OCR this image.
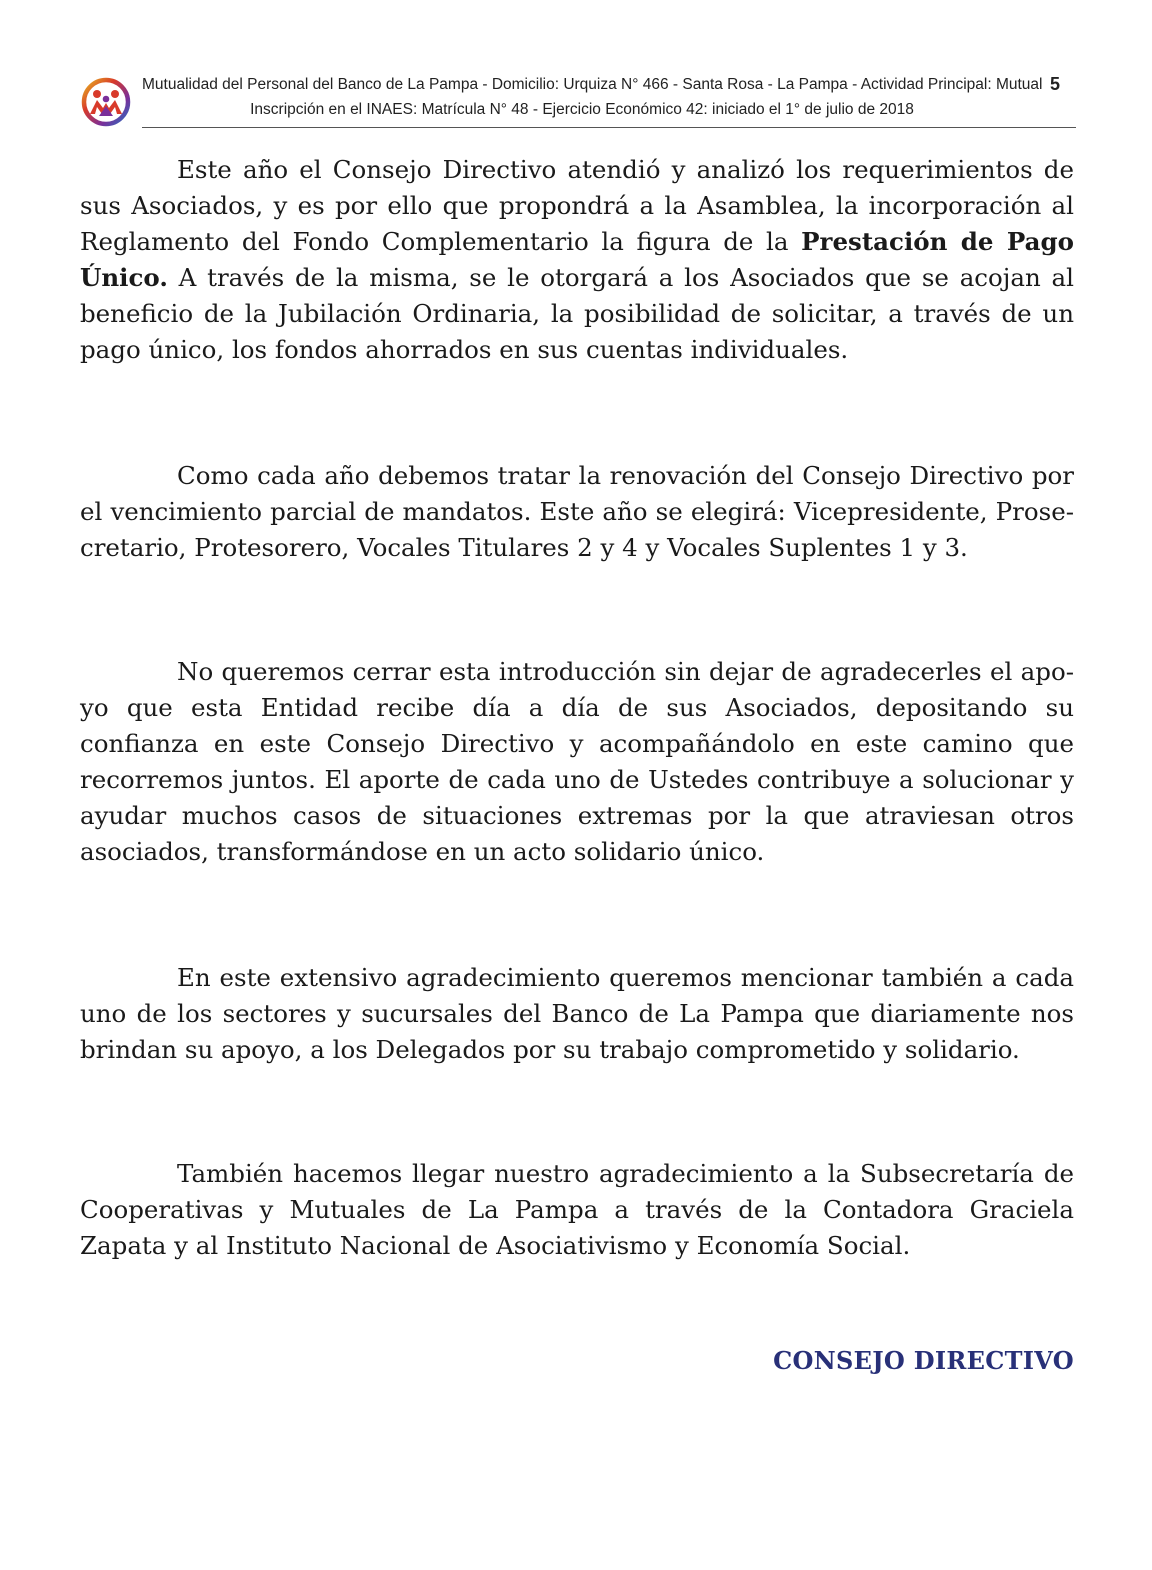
Mutualidad del Personal del Banco de La Pampa - Domicilio: Urquiza N° 466 - Santa Rosa - La Pampa - Actividad Principal: Mutual
Inscripción en el INAES: Matrícula N° 48 - Ejercicio Económico 42: iniciado el 1° de julio de 2018
5

Este año el Consejo Directivo atendió y analizó los requerimientos de sus Asociados, y es por ello que propondrá a la Asamblea, la incorporación al Reglamento del Fondo Complementario la figura de la Prestación de Pago Único. A través de la misma, se le otorgará a los Asociados que se acojan al beneficio de la Jubilación Ordinaria, la posibilidad de solicitar, a través de un pago único, los fondos ahorrados en sus cuentas individuales.

Como cada año debemos tratar la renovación del Consejo Directivo por el vencimiento parcial de mandatos. Este año se elegirá: Vicepresidente, Prosecretario, Protesorero, Vocales Titulares 2 y 4 y Vocales Suplentes 1 y 3.

No queremos cerrar esta introducción sin dejar de agradecerles el apoyo que esta Entidad recibe día a día de sus Asociados, depositando su confianza en este Consejo Directivo y acompañándolo en este camino que recorremos juntos. El aporte de cada uno de Ustedes contribuye a solucionar y ayudar muchos casos de situaciones extremas por la que atraviesan otros asociados, transformándose en un acto solidario único.

En este extensivo agradecimiento queremos mencionar también a cada uno de los sectores y sucursales del Banco de La Pampa que diariamente nos brindan su apoyo, a los Delegados por su trabajo comprometido y solidario.

También hacemos llegar nuestro agradecimiento a la Subsecretaría de Cooperativas y Mutuales de La Pampa a través de la Contadora Graciela Zapata y al Instituto Nacional de Asociativismo y Economía Social.

CONSEJO DIRECTIVO
